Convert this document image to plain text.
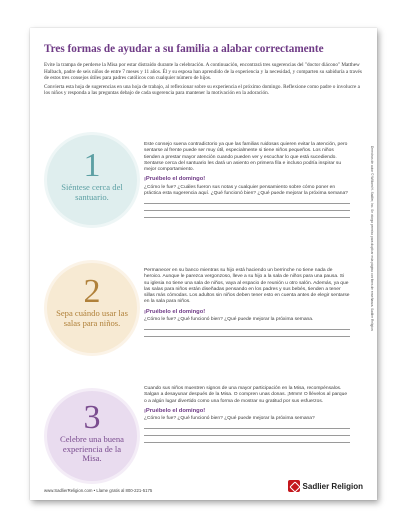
Tres formas de ayudar a su familia a alabar correctamente

Evite la trampa de perderse la Misa por estar distraído durante la celebración. A continuación, encontrará tres sugerencias del "doctor diácono" Matthew Halbach, padre de seis niños de entre 7 meses y 11 años. Él y su esposa han aprendido de la experiencia y la necesidad, y comparten su sabiduría a través de estos tres consejos útiles para padres católicos con cualquier número de hijos.

Convierta esta hoja de sugerencias en una hoja de trabajo, al reflexionar sobre su experiencia el próximo domingo. Reflexione como padre o involucre a los niños y responda a las preguntas debajo de cada sugerencia para mantener la motivación en la adoración.

1
Siéntese cerca del santuario.

Este consejo suena contradictorio ya que las familias ruidosas quieren evitar la atención, pero sentarse al frente puede ser muy útil, especialmente si tiene niños pequeños. Los niños tienden a prestar mayor atención cuando pueden ver y escuchar lo que está sucediendo. Sentarse cerca del santuario les dará un asiento en primera fila e incluso podría inspirar su mejor comportamiento.

¡Pruébelo el domingo!

¿Cómo le fue? ¿Cuáles fueron sus notas y cualquier pensamiento sobre cómo poner en práctica esta sugerencia aquí. ¿Qué funcionó bien? ¿Qué puede mejorar la próxima semana?

2
Sepa cuándo usar las salas para niños.

Permanecer en su banco mientras su hijo está haciendo un berrinche no tiene nada de heroico. Aunque le parezca vergonzoso, lleve a su hijo a la sala de niños para una pausa. Si su iglesia no tiene una sala de niños, vaya al espacio de reunión u otro salón. Además, ya que las salas para niños están diseñadas pensando en los padres y sus bebés, tienden a tener sillas más cómodas. Los adultos sin niños deben tener esto en cuenta antes de elegir sentarse en la sala para niños.

¡Pruébelo el domingo!

¿Cómo le fue? ¿Qué funcionó bien? ¿Qué puede mejorar la próxima semana.

3
Celebre una buena experiencia de la Misa.

Cuando sus niños muestren signos de una mayor participación en la Misa, recompénsalos. Salgan a desayunar después de la Misa. O compren unas donas. ¡Mmm! O llévelos al parque o a algún lugar divertido como una forma de mostrar su gratitud por sus esfuerzos.

¡Pruébelo el domingo!

¿Cómo le fue? ¿Qué funcionó bien? ¿Qué puede mejorar la próxima semana?

Derechos de autor © William H. Sadlier, Inc. Se otorga permiso para duplicar esta página con fines de enseñanza. Sadlier Religion
www.SadlierReligion.com • Llame gratis al 800-221-5175	Sadlier Religion
